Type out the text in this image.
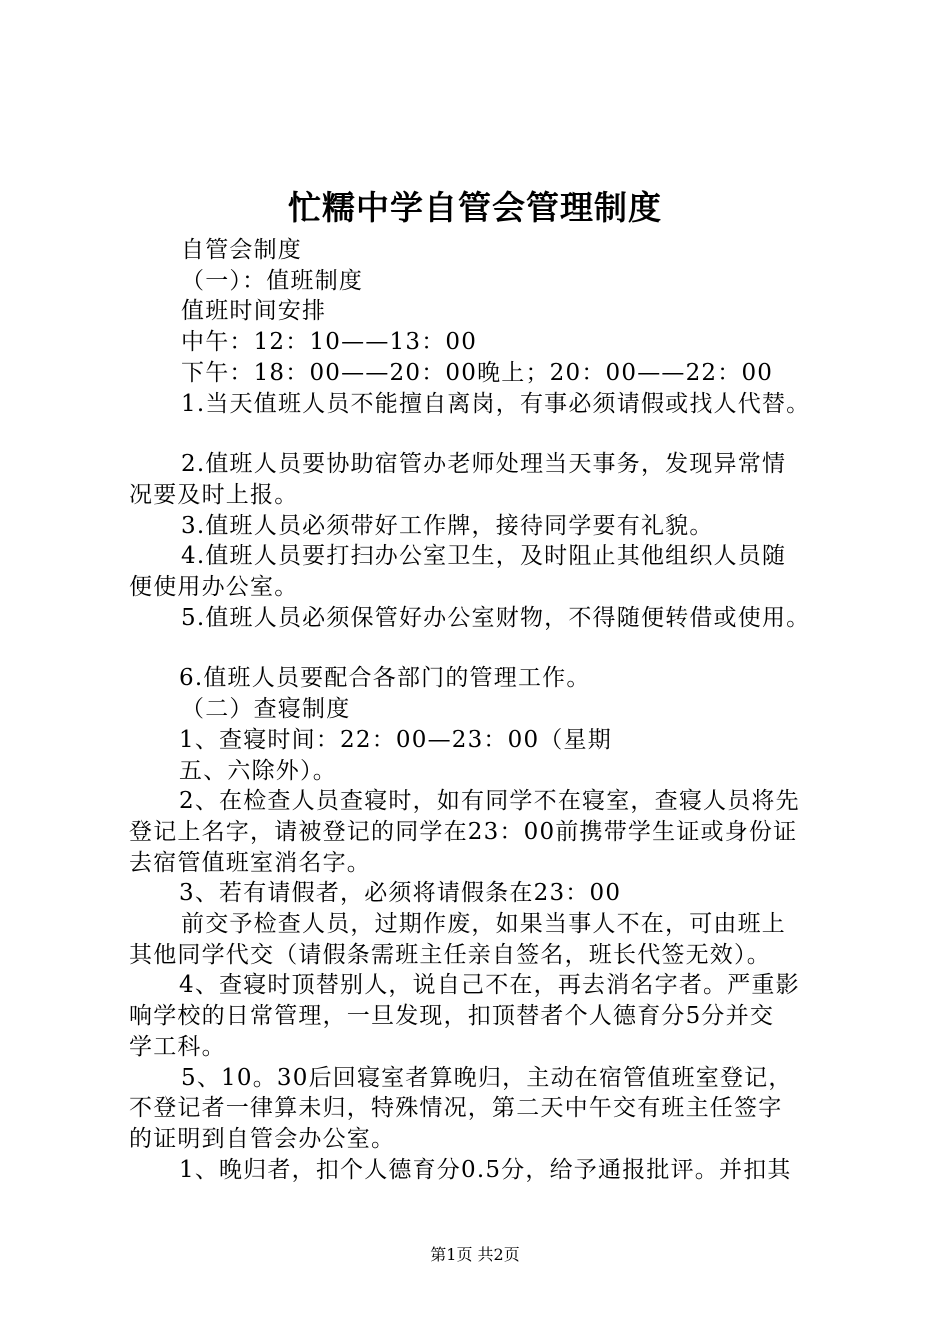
忙糯中学自管会管理制度
自管会制度
（一）：值班制度
值班时间安排
中午：12：10——13：00
下午：18：00——20：00晚上；20：00——22：00
1.当天值班人员不能擅自离岗，有事必须请假或找人代替。
2.值班人员要协助宿管办老师处理当天事务，发现异常情
况要及时上报。
3.值班人员必须带好工作牌，接待同学要有礼貌。
4.值班人员要打扫办公室卫生，及时阻止其他组织人员随
便使用办公室。
5.值班人员必须保管好办公室财物，不得随便转借或使用。
6.值班人员要配合各部门的管理工作。
（二）查寝制度
1、查寝时间：22：00—23：00（星期
五、六除外）。
2、在检查人员查寝时，如有同学不在寝室，查寝人员将先
登记上名字，请被登记的同学在23：00前携带学生证或身份证
去宿管值班室消名字。
3、若有请假者，必须将请假条在23：00
前交予检查人员，过期作废，如果当事人不在，可由班上
其他同学代交（请假条需班主任亲自签名，班长代签无效）。
4、查寝时顶替别人，说自己不在，再去消名字者。严重影
响学校的日常管理，一旦发现，扣顶替者个人德育分5分并交
学工科。
5、10。30后回寝室者算晚归，主动在宿管值班室登记，
不登记者一律算未归，特殊情况，第二天中午交有班主任签字
的证明到自管会办公室。
1、晚归者，扣个人德育分0.5分，给予通报批评。并扣其
第1页 共2页
